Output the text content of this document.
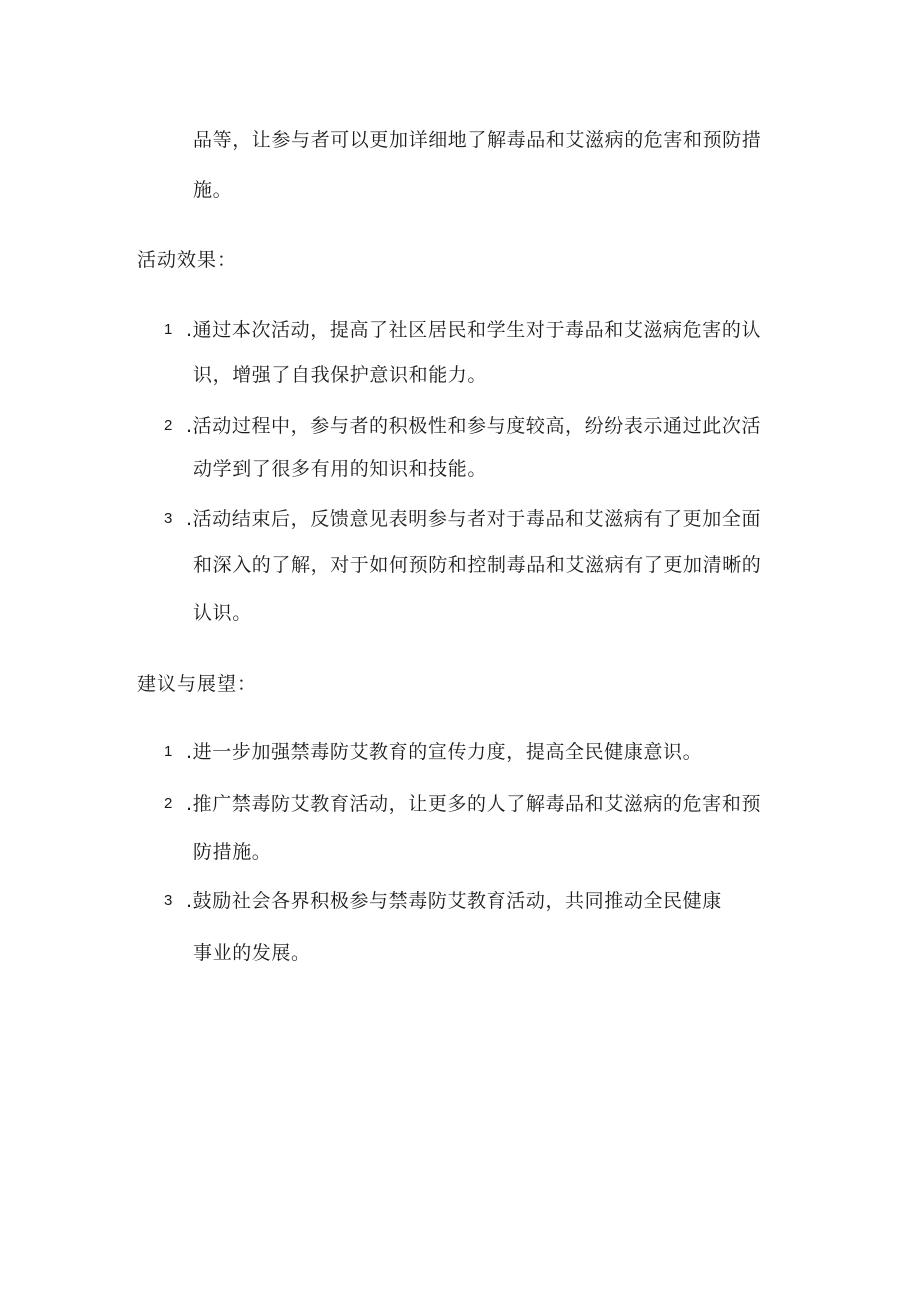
品等，让参与者可以更加详细地了解毒品和艾滋病的危害和预防措
施。
活动效果：
1 .通过本次活动，提高了社区居民和学生对于毒品和艾滋病危害的认
识，增强了自我保护意识和能力。
2 .活动过程中，参与者的积极性和参与度较高，纷纷表示通过此次活
动学到了很多有用的知识和技能。
3 .活动结束后，反馈意见表明参与者对于毒品和艾滋病有了更加全面
和深入的了解，对于如何预防和控制毒品和艾滋病有了更加清晰的
认识。
建议与展望：
1 .进一步加强禁毒防艾教育的宣传力度，提高全民健康意识。
2 .推广禁毒防艾教育活动，让更多的人了解毒品和艾滋病的危害和预
防措施。
3 .鼓励社会各界积极参与禁毒防艾教育活动，共同推动全民健康
事业的发展。
